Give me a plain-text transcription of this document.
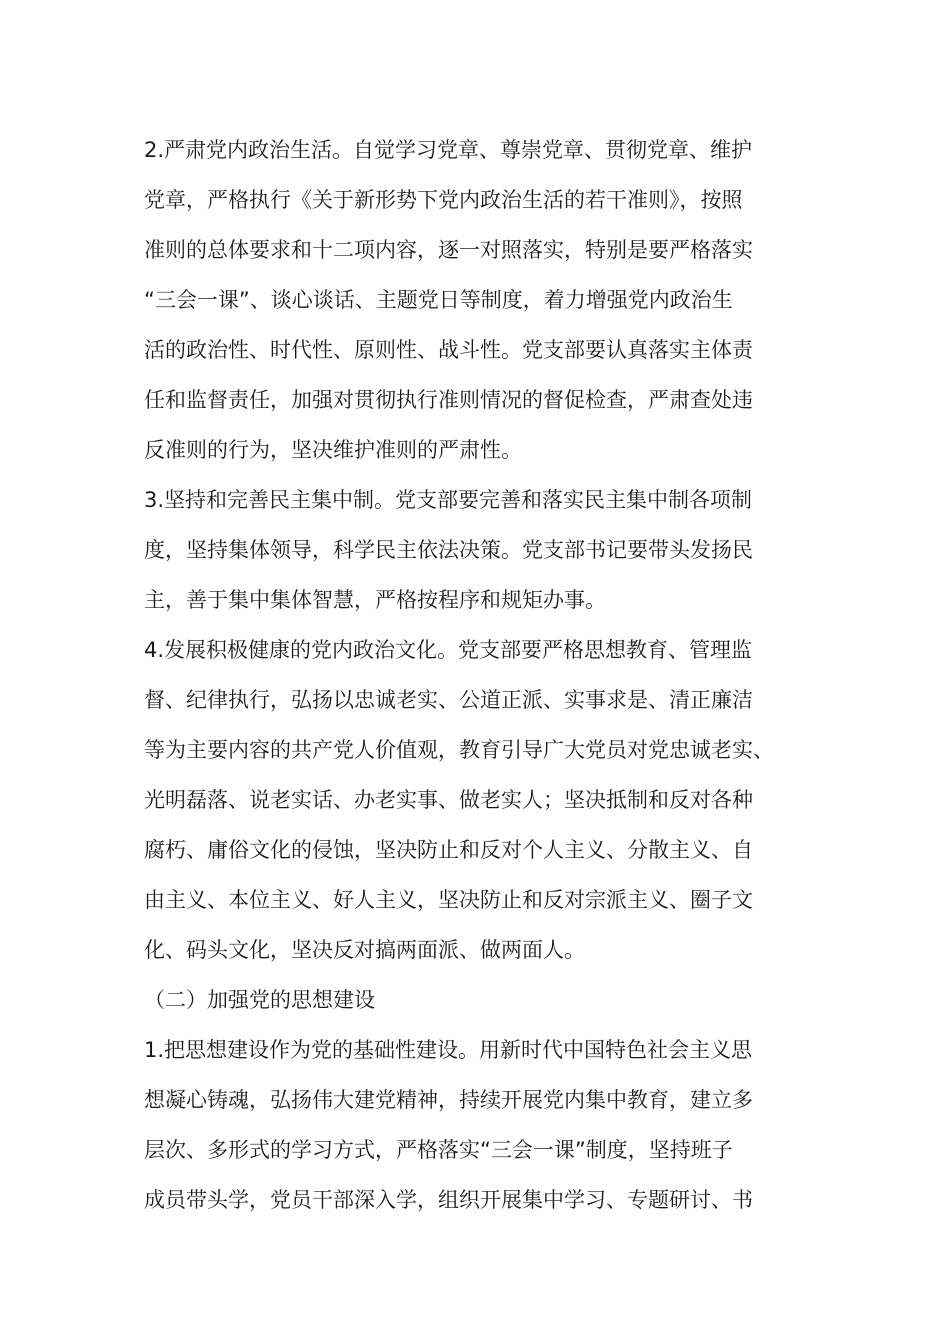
2.严肃党内政治生活。自觉学习党章、尊崇党章、贯彻党章、维护
党章，严格执行《关于新形势下党内政治生活的若干准则》，按照
准则的总体要求和十二项内容，逐一对照落实，特别是要严格落实
“三会一课”、谈心谈话、主题党日等制度，着力增强党内政治生
活的政治性、时代性、原则性、战斗性。党支部要认真落实主体责
任和监督责任，加强对贯彻执行准则情况的督促检查，严肃查处违
反准则的行为，坚决维护准则的严肃性。
3.坚持和完善民主集中制。党支部要完善和落实民主集中制各项制
度，坚持集体领导，科学民主依法决策。党支部书记要带头发扬民
主，善于集中集体智慧，严格按程序和规矩办事。
4.发展积极健康的党内政治文化。党支部要严格思想教育、管理监
督、纪律执行，弘扬以忠诚老实、公道正派、实事求是、清正廉洁
等为主要内容的共产党人价值观，教育引导广大党员对党忠诚老实、
光明磊落、说老实话、办老实事、做老实人；坚决抵制和反对各种
腐朽、庸俗文化的侵蚀，坚决防止和反对个人主义、分散主义、自
由主义、本位主义、好人主义，坚决防止和反对宗派主义、圈子文
化、码头文化，坚决反对搞两面派、做两面人。
（二）加强党的思想建设
1.把思想建设作为党的基础性建设。用新时代中国特色社会主义思
想凝心铸魂，弘扬伟大建党精神，持续开展党内集中教育，建立多
层次、多形式的学习方式，严格落实“三会一课”制度，坚持班子
成员带头学，党员干部深入学，组织开展集中学习、专题研讨、书
